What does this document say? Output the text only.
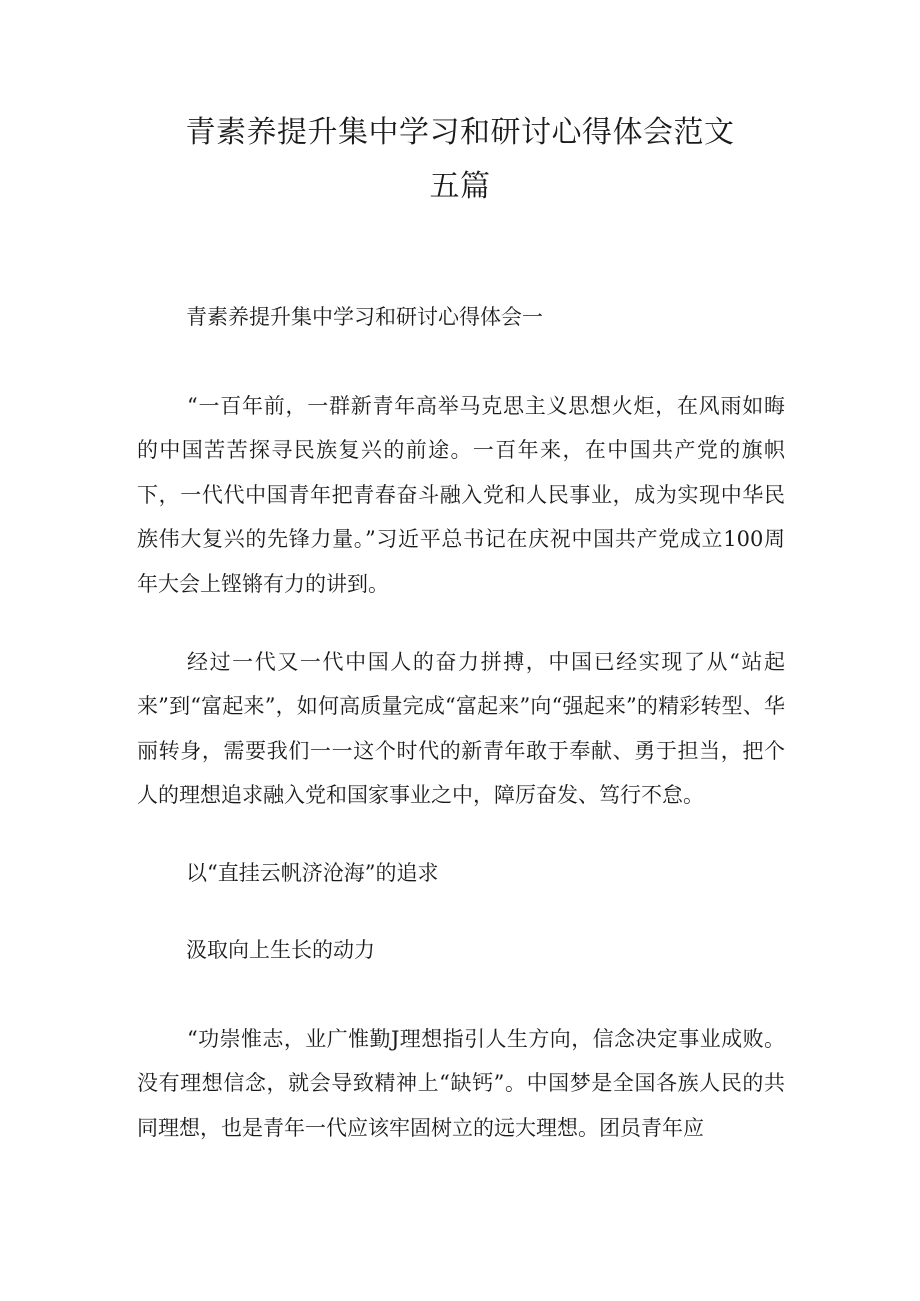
青素养提升集中学习和研讨心得体会范文
五篇
青素养提升集中学习和研讨心得体会一
“一百年前，一群新青年高举马克思主义思想火炬，在风雨如晦的中国苦苦探寻民族复兴的前途。一百年来，在中国共产党的旗帜下，一代代中国青年把青春奋斗融入党和人民事业，成为实现中华民族伟大复兴的先锋力量。”习近平总书记在庆祝中国共产党成立100周年大会上铿锵有力的讲到。
经过一代又一代中国人的奋力拼搏，中国已经实现了从“站起来”到“富起来”，如何高质量完成“富起来”向“强起来”的精彩转型、华丽转身，需要我们一一这个时代的新青年敢于奉献、勇于担当，把个人的理想追求融入党和国家事业之中，障厉奋发、笃行不怠。
以“直挂云帆济沧海”的追求
汲取向上生长的动力
“功崇惟志，业广惟勤J理想指引人生方向，信念决定事业成败。没有理想信念，就会导致精神上“缺钙”。中国梦是全国各族人民的共同理想，也是青年一代应该牢固树立的远大理想。团员青年应
